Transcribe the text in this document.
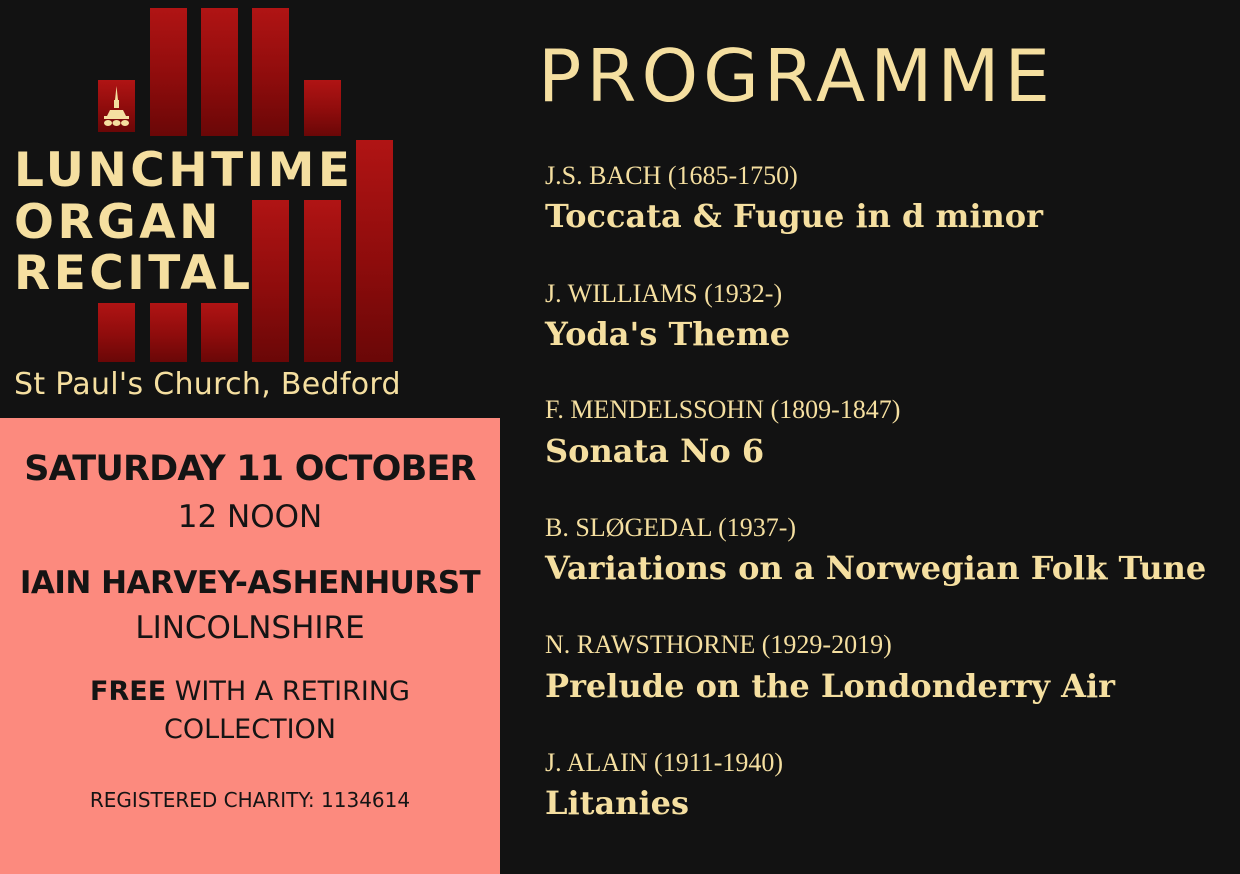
LUNCHTIME
ORGAN
RECITAL

St Paul's Church, Bedford

SATURDAY 11 OCTOBER

12 NOON

IAIN HARVEY-ASHENHURST

LINCOLNSHIRE

FREE WITH A RETIRING

COLLECTION

REGISTERED CHARITY: 1134614

PROGRAMME

J.S. BACH (1685-1750)

Toccata & Fugue in d minor

J. WILLIAMS (1932-)

Yoda's Theme

F. MENDELSSOHN (1809-1847)

Sonata No 6

B. SLØGEDAL (1937-)

Variations on a Norwegian Folk Tune

N. RAWSTHORNE (1929-2019)

Prelude on the Londonderry Air

J. ALAIN (1911-1940)

Litanies
